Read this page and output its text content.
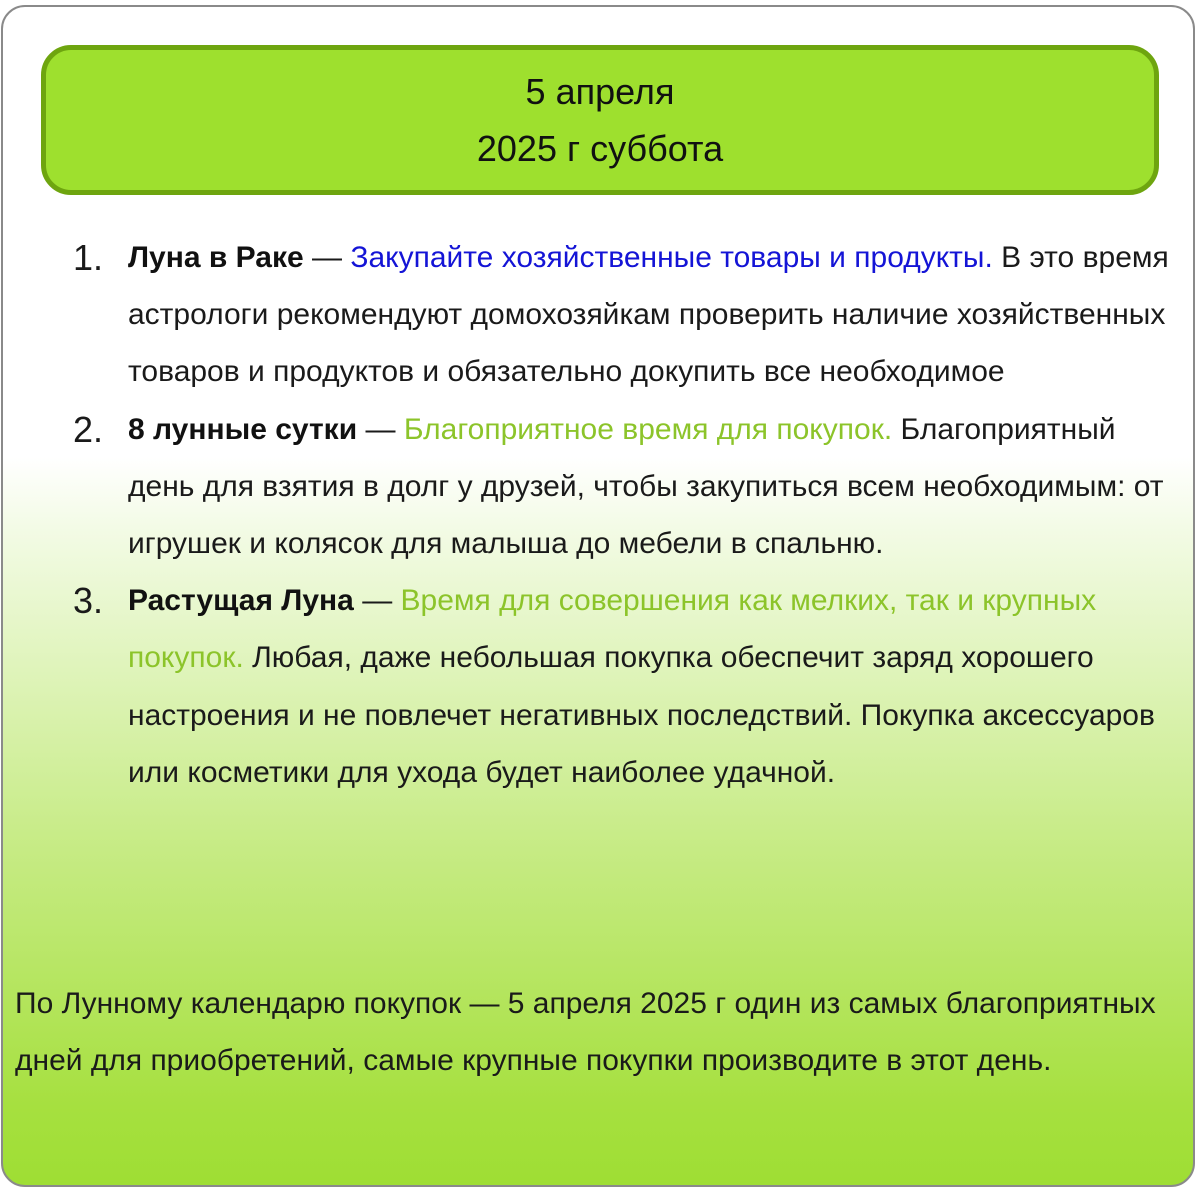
5 апреля
2025 г суббота
1. Луна в Раке — Закупайте хозяйственные товары и продукты. В это время астрологи рекомендуют домохозяйкам проверить наличие хозяйственных товаров и продуктов и обязательно докупить все необходимое
2. 8 лунные сутки — Благоприятное время для покупок. Благоприятный день для взятия в долг у друзей, чтобы закупиться всем необходимым: от игрушек и колясок для малыша до мебели в спальню.
3. Растущая Луна — Время для совершения как мелких, так и крупных покупок. Любая, даже небольшая покупка обеспечит заряд хорошего настроения и не повлечет негативных последствий. Покупка аксессуаров или косметики для ухода будет наиболее удачной.
По Лунному календарю покупок — 5 апреля 2025 г один из самых благоприятных дней для приобретений, самые крупные покупки производите в этот день.
